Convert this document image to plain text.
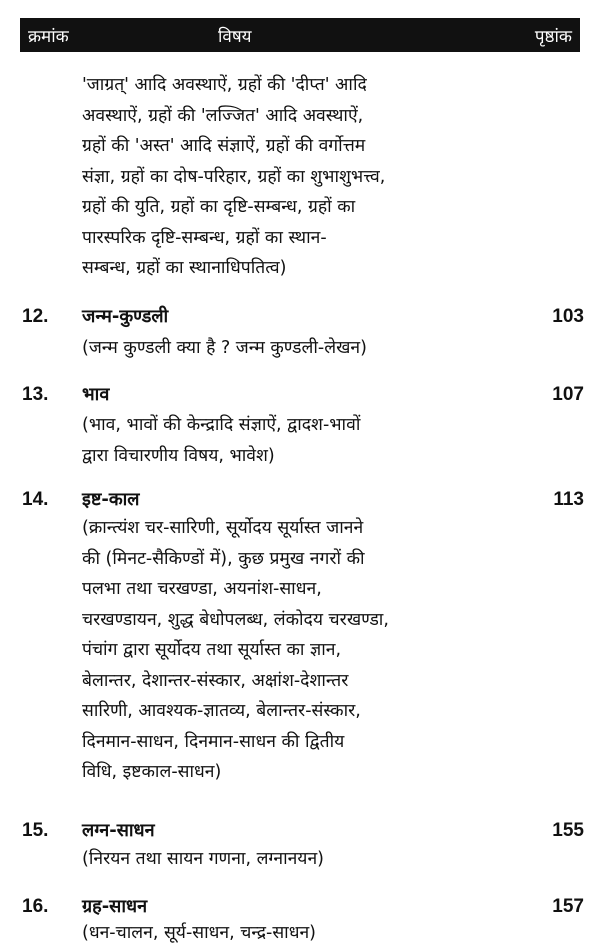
क्रमांक	विषय	पृष्ठांक
'जाग्रत्' आदि अवस्थाऐं, ग्रहों की 'दीप्त' आदि
अवस्थाऐं, ग्रहों की 'लज्जित' आदि अवस्थाऐं,
ग्रहों की 'अस्त' आदि संज्ञाऐं, ग्रहों की वर्गोत्तम
संज्ञा, ग्रहों का दोष-परिहार, ग्रहों का शुभाशुभत्त्व,
ग्रहों की युति, ग्रहों का दृष्टि-सम्बन्ध, ग्रहों का
पारस्परिक दृष्टि-सम्बन्ध, ग्रहों का स्थान-
सम्बन्ध, ग्रहों का स्थानाधिपतित्व)
12. जन्म-कुण्डली	103
(जन्म कुण्डली क्या है ? जन्म कुण्डली-लेखन)
13. भाव	107
(भाव, भावों की केन्द्रादि संज्ञाऐं, द्वादश-भावों
द्वारा विचारणीय विषय, भावेश)
14. इष्ट-काल	113
(क्रान्त्यंश चर-सारिणी, सूर्योदय सूर्यास्त जानने
की (मिनट-सैकिण्डों में), कुछ प्रमुख नगरों की
पलभा तथा चरखण्डा, अयनांश-साधन,
चरखण्डायन, शुद्ध बेधोपलब्ध, लंकोदय चरखण्डा,
पंचांग द्वारा सूर्योदय तथा सूर्यास्त का ज्ञान,
बेलान्तर, देशान्तर-संस्कार, अक्षांश-देशान्तर
सारिणी, आवश्यक-ज्ञातव्य, बेलान्तर-संस्कार,
दिनमान-साधन, दिनमान-साधन की द्वितीय
विधि, इष्टकाल-साधन)
15. लग्न-साधन	155
(निरयन तथा सायन गणना, लग्नानयन)
16. ग्रह-साधन	157
(धन-चालन, सूर्य-साधन, चन्द्र-साधन)
